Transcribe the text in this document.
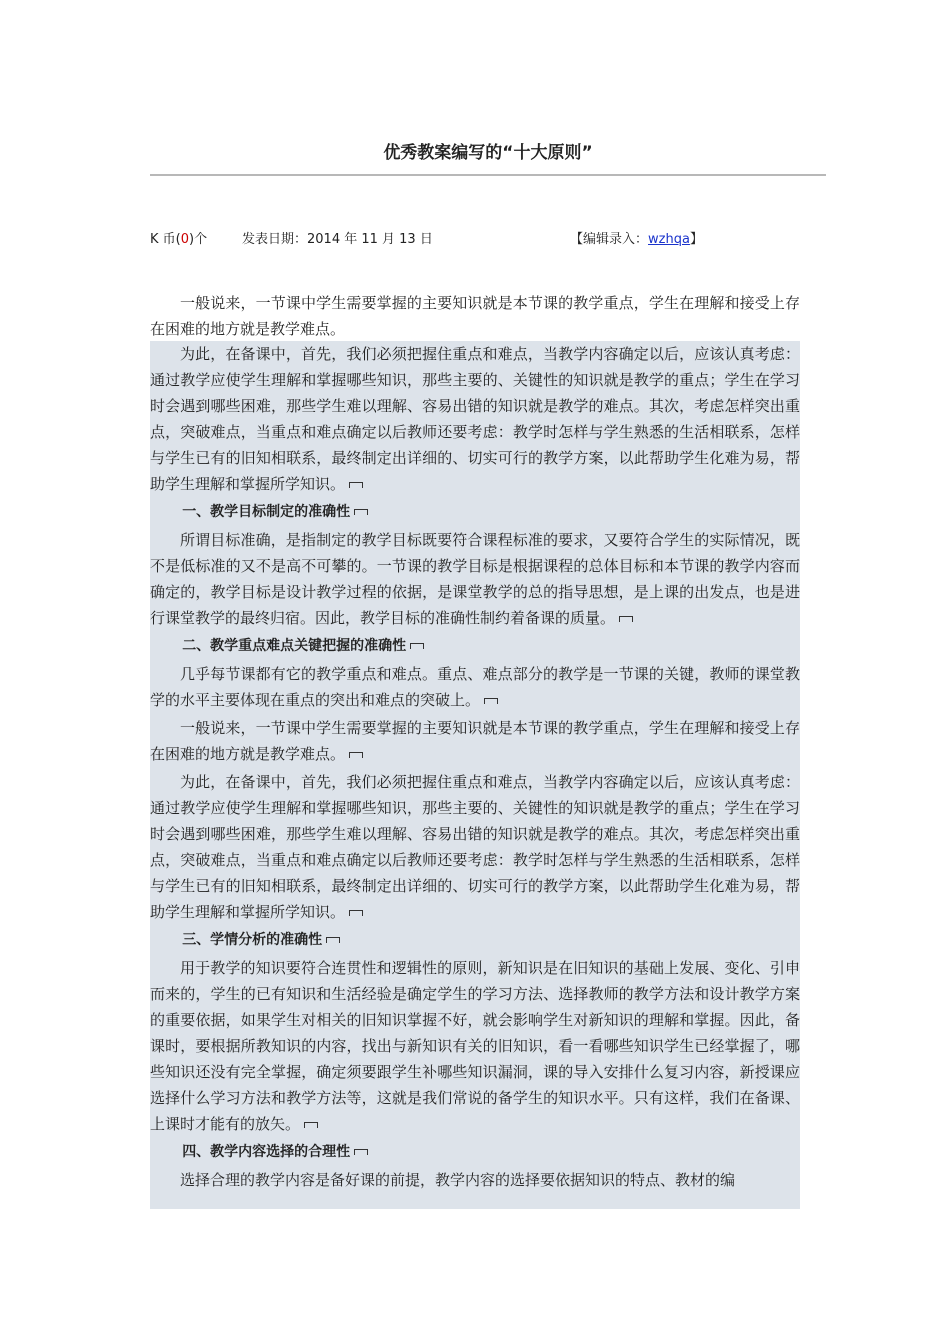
优秀教案编写的“十大原则”
K 币(0)个	发表日期：2014 年 11 月 13 日	【编辑录入：wzhqa】
一般说来，一节课中学生需要掌握的主要知识就是本节课的教学重点，学生在理解和接受上存在困难的地方就是教学难点。

为此，在备课中，首先，我们必须把握住重点和难点，当教学内容确定以后，应该认真考虑：通过教学应使学生理解和掌握哪些知识，那些主要的、关键性的知识就是教学的重点；学生在学习时会遇到哪些困难，那些学生难以理解、容易出错的知识就是教学的难点。其次，考虑怎样突出重点，突破难点，当重点和难点确定以后教师还要考虑：教学时怎样与学生熟悉的生活相联系，怎样与学生已有的旧知相联系，最终制定出详细的、切实可行的教学方案，以此帮助学生化难为易，帮助学生理解和掌握所学知识。

一、教学目标制定的准确性

所谓目标准确，是指制定的教学目标既要符合课程标准的要求，又要符合学生的实际情况，既不是低标准的又不是高不可攀的。一节课的教学目标是根据课程的总体目标和本节课的教学内容而确定的，教学目标是设计教学过程的依据，是课堂教学的总的指导思想，是上课的出发点，也是进行课堂教学的最终归宿。因此，教学目标的准确性制约着备课的质量。

二、教学重点难点关键把握的准确性

几乎每节课都有它的教学重点和难点。重点、难点部分的教学是一节课的关键，教师的课堂教学的水平主要体现在重点的突出和难点的突破上。

一般说来，一节课中学生需要掌握的主要知识就是本节课的教学重点，学生在理解和接受上存在困难的地方就是教学难点。

为此，在备课中，首先，我们必须把握住重点和难点，当教学内容确定以后，应该认真考虑：通过教学应使学生理解和掌握哪些知识，那些主要的、关键性的知识就是教学的重点；学生在学习时会遇到哪些困难，那些学生难以理解、容易出错的知识就是教学的难点。其次，考虑怎样突出重点，突破难点，当重点和难点确定以后教师还要考虑：教学时怎样与学生熟悉的生活相联系，怎样与学生已有的旧知相联系，最终制定出详细的、切实可行的教学方案，以此帮助学生化难为易，帮助学生理解和掌握所学知识。

三、学情分析的准确性

用于教学的知识要符合连贯性和逻辑性的原则，新知识是在旧知识的基础上发展、变化、引申而来的，学生的已有知识和生活经验是确定学生的学习方法、选择教师的教学方法和设计教学方案的重要依据，如果学生对相关的旧知识掌握不好，就会影响学生对新知识的理解和掌握。因此，备课时，要根据所教知识的内容，找出与新知识有关的旧知识，看一看哪些知识学生已经掌握了，哪些知识还没有完全掌握，确定须要跟学生补哪些知识漏洞，课的导入安排什么复习内容，新授课应选择什么学习方法和教学方法等，这就是我们常说的备学生的知识水平。只有这样，我们在备课、上课时才能有的放矢。

四、教学内容选择的合理性

选择合理的教学内容是备好课的前提，教学内容的选择要依据知识的特点、教材的编
